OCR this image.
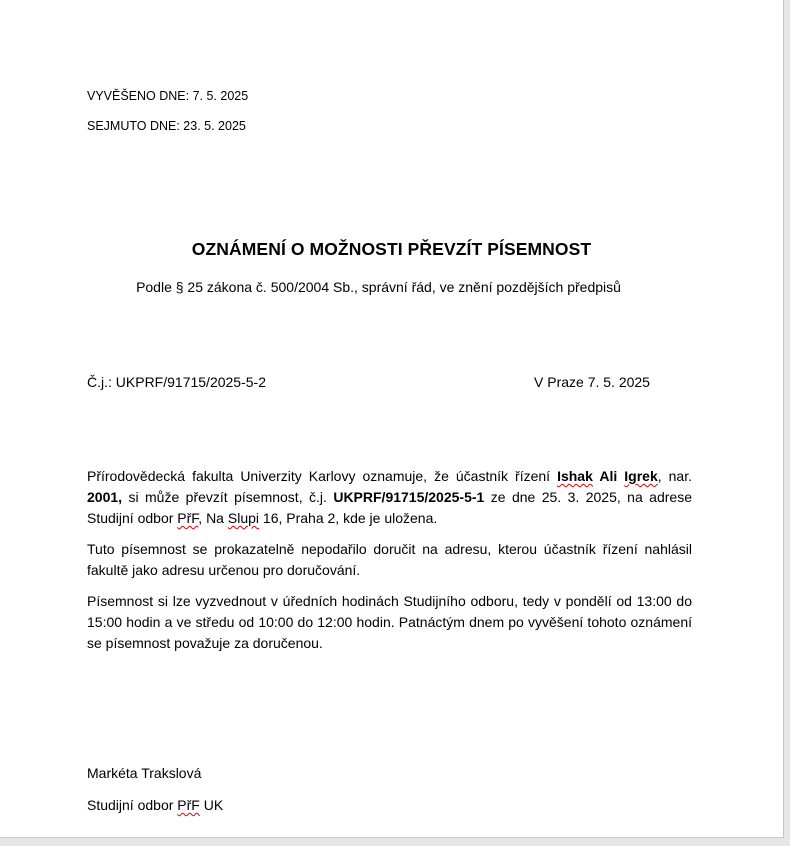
VYVĚŠENO DNE: 7. 5. 2025
SEJMUTO DNE: 23. 5. 2025
OZNÁMENÍ O MOŽNOSTI PŘEVZÍT PÍSEMNOST
Podle § 25 zákona č. 500/2004 Sb., správní řád, ve znění pozdějších předpisů
Č.j.: UKPRF/91715/2025-5-2	V Praze 7. 5. 2025

Přírodovědecká fakulta Univerzity Karlovy oznamuje, že účastník řízení Ishak Ali Igrek, nar. 2001, si může převzít písemnost, č.j. UKPRF/91715/2025-5-1 ze dne 25. 3. 2025, na adrese Studijní odbor PřF, Na Slupi 16, Praha 2, kde je uložena.

Tuto písemnost se prokazatelně nepodařilo doručit na adresu, kterou účastník řízení nahlásil fakultě jako adresu určenou pro doručování.

Písemnost si lze vyzvednout v úředních hodinách Studijního odboru, tedy v pondělí od 13:00 do 15:00 hodin a ve středu od 10:00 do 12:00 hodin. Patnáctým dnem po vyvěšení tohoto oznámení se písemnost považuje za doručenou.

Markéta Trakslová
Studijní odbor PřF UK
